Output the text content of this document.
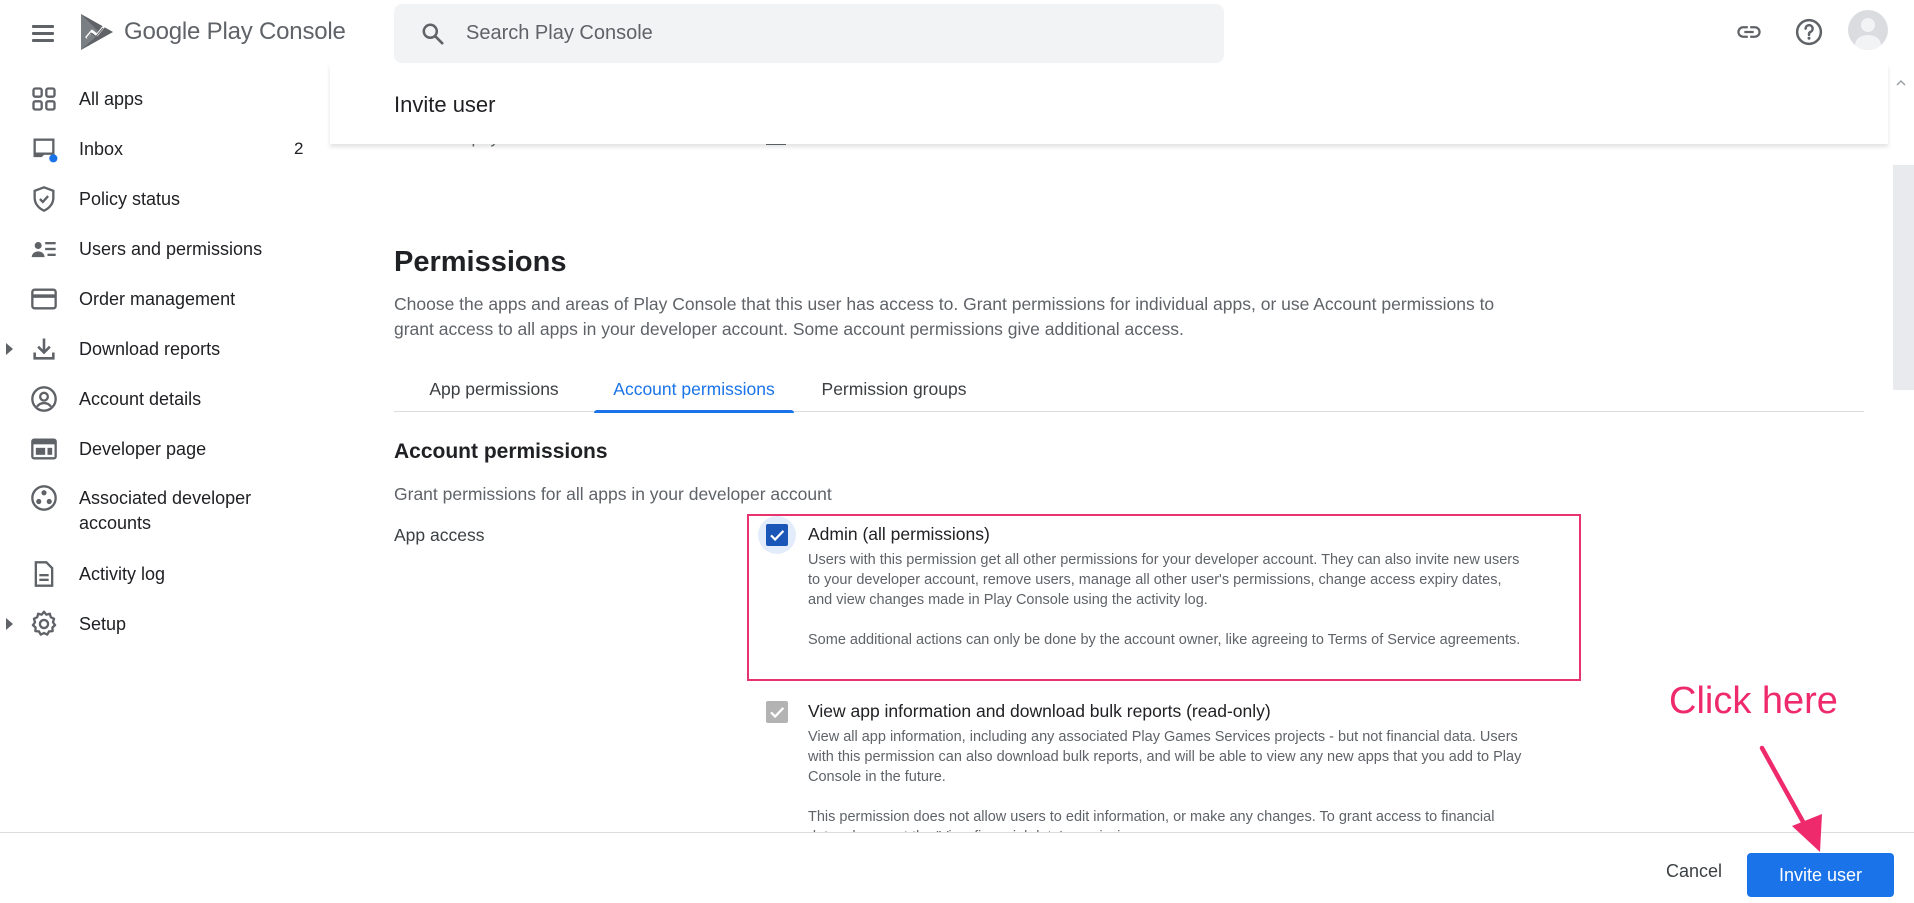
Google Play Console
Search Play Console
All apps
Inbox	2
Policy status
Users and permissions
Order management
Download reports
Account details
Developer page
Associated developer accounts
Activity log
Setup
Invite user
Permissions

Choose the apps and areas of Play Console that this user has access to. Grant permissions for individual apps, or use Account permissions to grant access to all apps in your developer account. Some account permissions give additional access.

App permissions	Account permissions	Permission groups
Account permissions
Grant permissions for all apps in your developer account
App access	Admin (all permissions)

Users with this permission get all other permissions for your developer account. They can also invite new users to your developer account, remove users, manage all other user's permissions, change access expiry dates, and view changes made in Play Console using the activity log.

Some additional actions can only be done by the account owner, like agreeing to Terms of Service agreements.

View app information and download bulk reports (read-only)

View all app information, including any associated Play Games Services projects - but not financial data. Users with this permission can also download bulk reports, and will be able to view any new apps that you add to Play Console in the future.

This permission does not allow users to edit information, or make any changes. To grant access to financial

Cancel	Invite user
Click here
